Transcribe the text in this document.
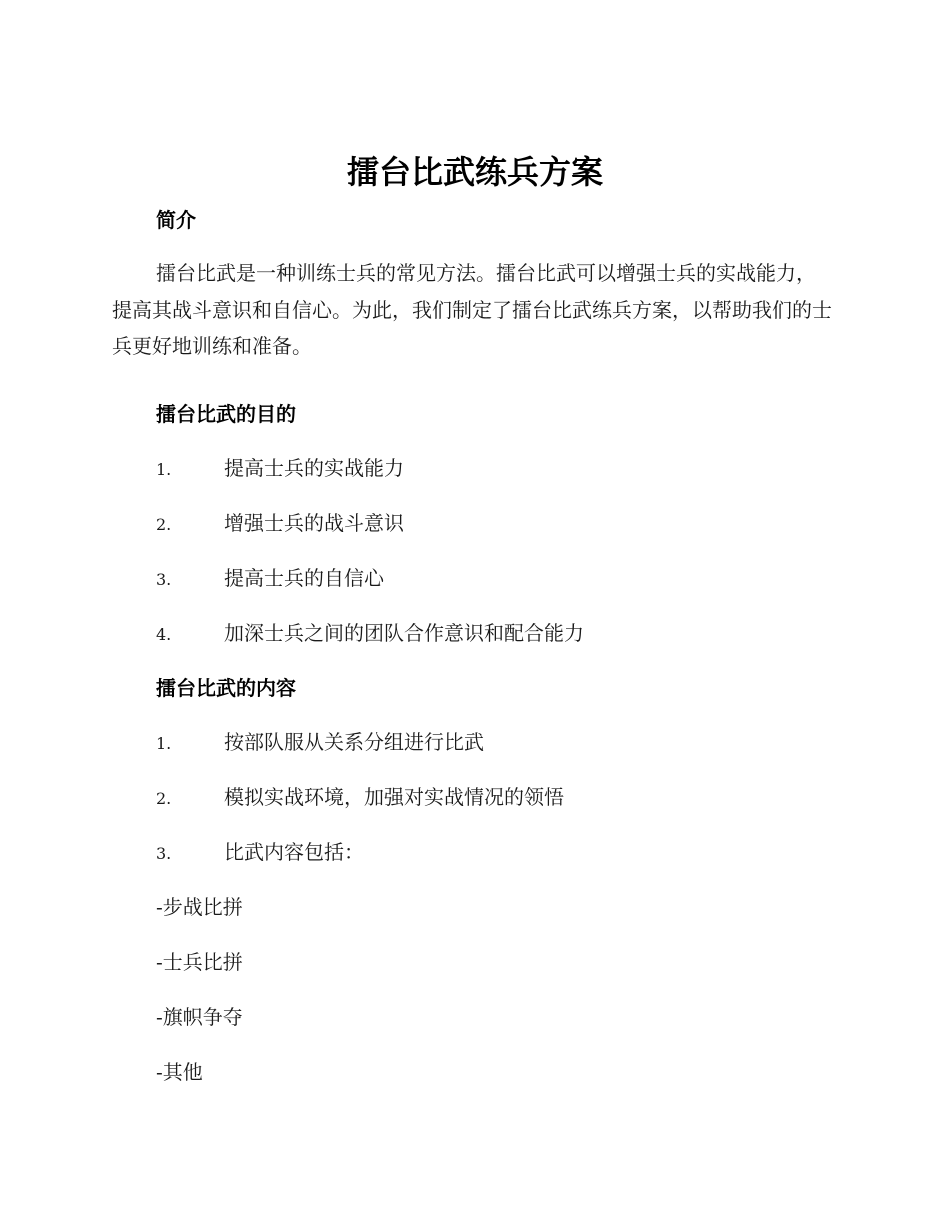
擂台比武练兵方案
简介

擂台比武是一种训练士兵的常见方法。擂台比武可以增强士兵的实战能力，提高其战斗意识和自信心。为此，我们制定了擂台比武练兵方案，以帮助我们的士兵更好地训练和准备。

擂台比武的目的
1.	提高士兵的实战能力
2.	增强士兵的战斗意识
3.	提高士兵的自信心
4.	加深士兵之间的团队合作意识和配合能力
擂台比武的内容
1.	按部队服从关系分组进行比武
2.	模拟实战环境，加强对实战情况的领悟
3.	比武内容包括：
-步战比拼
-士兵比拼
-旗帜争夺
-其他
